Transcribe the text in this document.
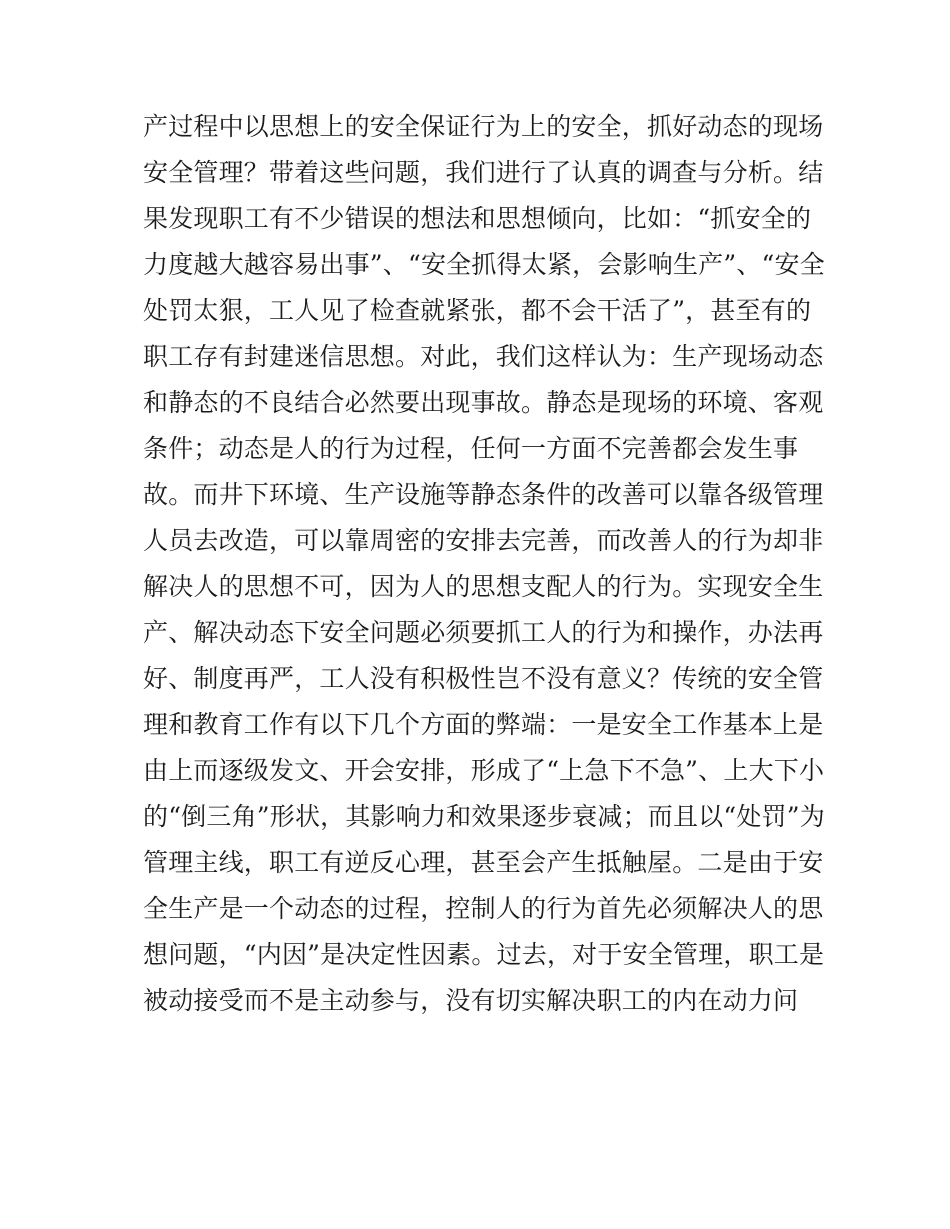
产过程中以思想上的安全保证行为上的安全，抓好动态的现场
安全管理？带着这些问题，我们进行了认真的调查与分析。结
果发现职工有不少错误的想法和思想倾向，比如：“抓安全的
力度越大越容易出事”、“安全抓得太紧，会影响生产”、“安全
处罚太狠，工人见了检查就紧张，都不会干活了”，甚至有的
职工存有封建迷信思想。对此，我们这样认为：生产现场动态
和静态的不良结合必然要出现事故。静态是现场的环境、客观
条件；动态是人的行为过程，任何一方面不完善都会发生事
故。而井下环境、生产设施等静态条件的改善可以靠各级管理
人员去改造，可以靠周密的安排去完善，而改善人的行为却非
解决人的思想不可，因为人的思想支配人的行为。实现安全生
产、解决动态下安全问题必须要抓工人的行为和操作，办法再
好、制度再严，工人没有积极性岂不没有意义？传统的安全管
理和教育工作有以下几个方面的弊端：一是安全工作基本上是
由上而逐级发文、开会安排，形成了“上急下不急”、上大下小
的“倒三角”形状，其影响力和效果逐步衰减；而且以“处罚”为
管理主线，职工有逆反心理，甚至会产生抵触屋。二是由于安
全生产是一个动态的过程，控制人的行为首先必须解决人的思
想问题，“内因”是决定性因素。过去，对于安全管理，职工是
被动接受而不是主动参与，没有切实解决职工的内在动力问
